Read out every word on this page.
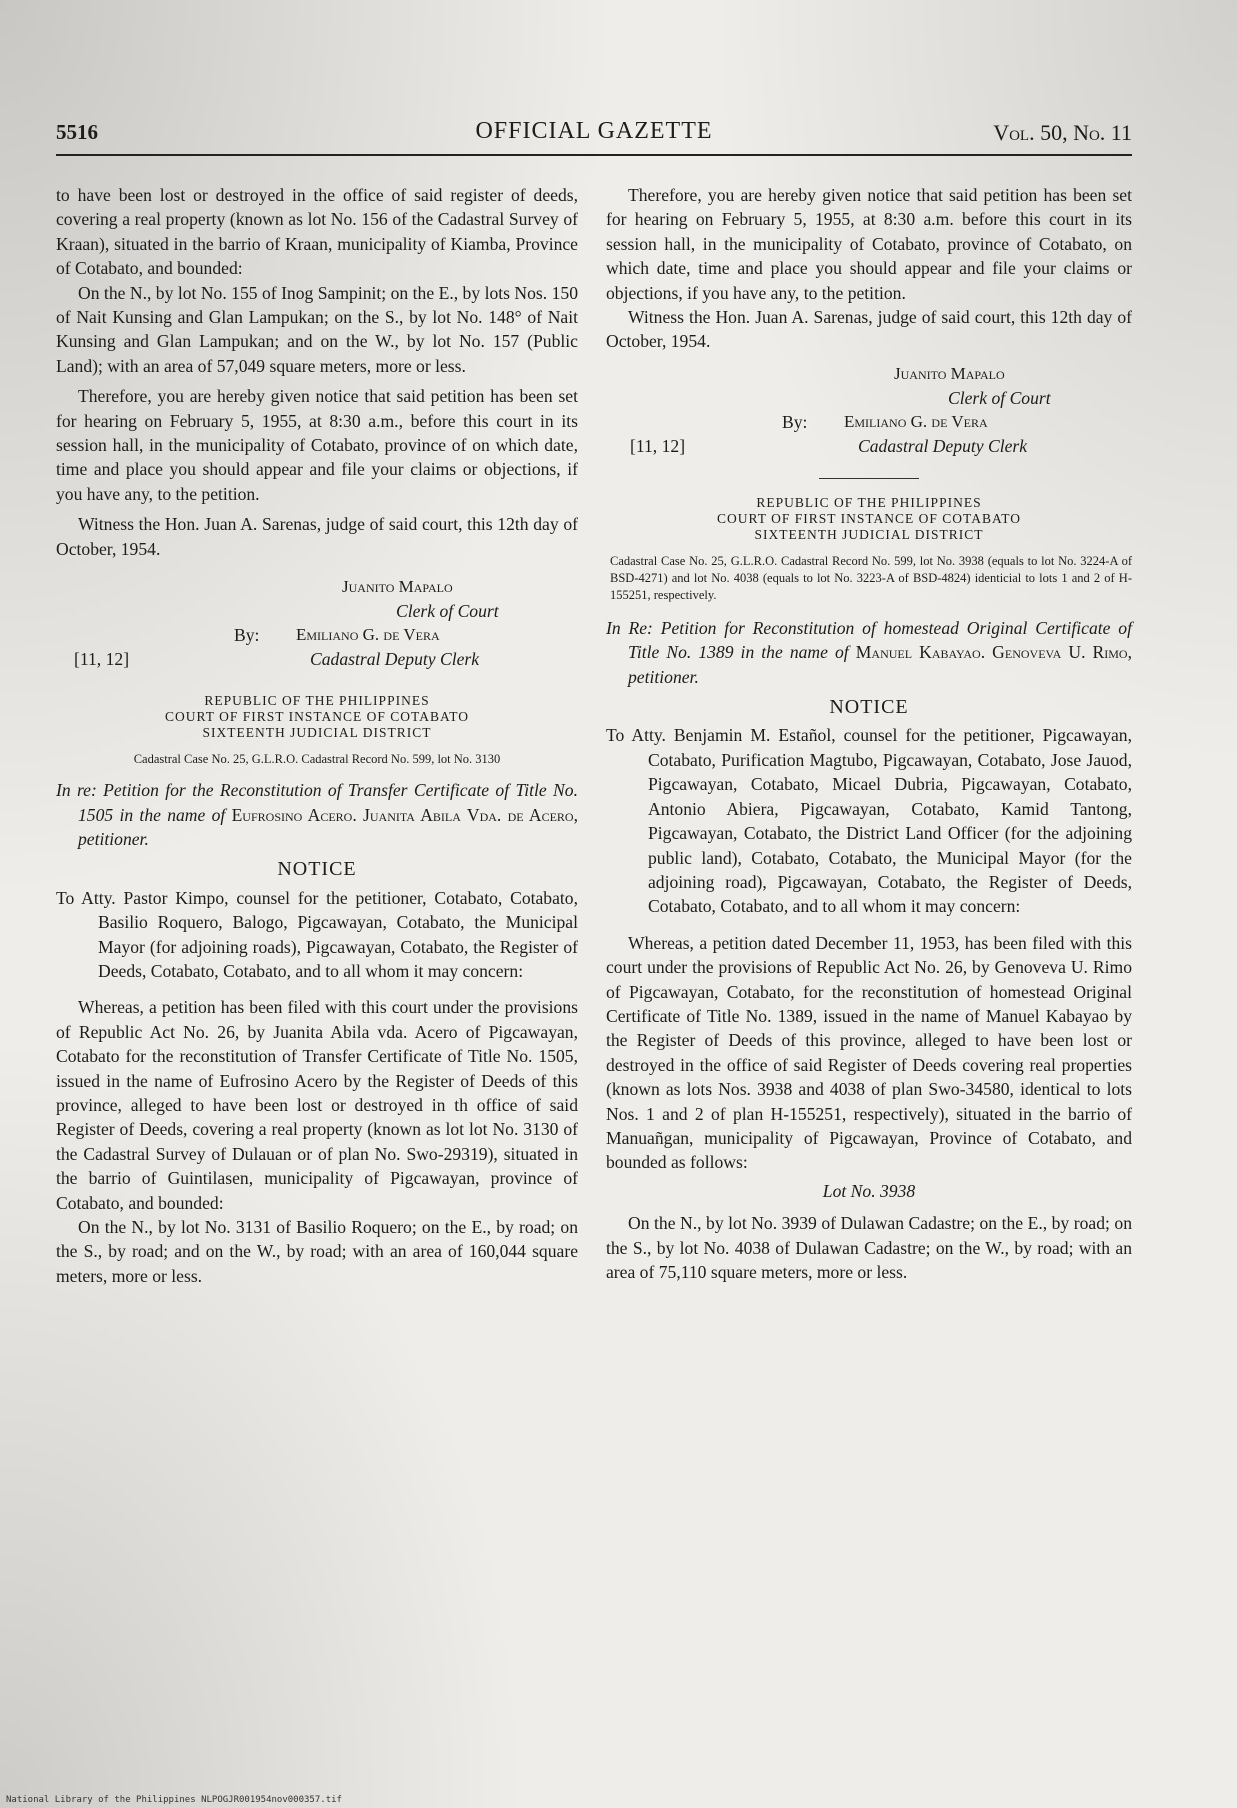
5516	OFFICIAL GAZETTE	Vol. 50, No. 11

to have been lost or destroyed in the office of said register of deeds, covering a real property (known as lot No. 156 of the Cadastral Survey of Kraan), situated in the barrio of Kraan, municipality of Kiamba, Province of Cotabato, and bounded:

On the N., by lot No. 155 of Inog Sampinit; on the E., by lots Nos. 150 of Nait Kunsing and Glan Lampukan; on the S., by lot No. 148° of Nait Kunsing and Glan Lampukan; and on the W., by lot No. 157 (Public Land); with an area of 57,049 square meters, more or less.

Therefore, you are hereby given notice that said petition has been set for hearing on February 5, 1955, at 8:30 a.m., before this court in its session hall, in the municipality of Cotabato, province of on which date, time and place you should appear and file your claims or objections, if you have any, to the petition.

Witness the Hon. Juan A. Sarenas, judge of said court, this 12th day of October, 1954.

Juanito Mapalo
Clerk of Court
By: Emiliano G. de Vera
[11, 12]	Cadastral Deputy Clerk
REPUBLIC OF THE PHILIPPINES
COURT OF FIRST INSTANCE OF COTABATO
SIXTEENTH JUDICIAL DISTRICT
Cadastral Case No. 25, G.L.R.O. Cadastral Record No. 599, lot No. 3130

In re: Petition for the Reconstitution of Transfer Certificate of Title No. 1505 in the name of Eufrosino Acero. Juanita Abila Vda. de Acero, petitioner.

NOTICE

To Atty. Pastor Kimpo, counsel for the petitioner, Cotabato, Cotabato, Basilio Roquero, Balogo, Pigcawayan, Cotabato, the Municipal Mayor (for adjoining roads), Pigcawayan, Cotabato, the Register of Deeds, Cotabato, Cotabato, and to all whom it may concern:

Whereas, a petition has been filed with this court under the provisions of Republic Act No. 26, by Juanita Abila vda. Acero of Pigcawayan, Cotabato for the reconstitution of Transfer Certificate of Title No. 1505, issued in the name of Eufrosino Acero by the Register of Deeds of this province, alleged to have been lost or destroyed in th office of said Register of Deeds, covering a real property (known as lot lot No. 3130 of the Cadastral Survey of Dulauan or of plan No. Swo-29319), situated in the barrio of Guintilasen, municipality of Pigcawayan, province of Cotabato, and bounded:

On the N., by lot No. 3131 of Basilio Roquero; on the E., by road; on the S., by road; and on the W., by road; with an area of 160,044 square meters, more or less.

Therefore, you are hereby given notice that said petition has been set for hearing on February 5, 1955, at 8:30 a.m. before this court in its session hall, in the municipality of Cotabato, province of Cotabato, on which date, time and place you should appear and file your claims or objections, if you have any, to the petition.

Witness the Hon. Juan A. Sarenas, judge of said court, this 12th day of October, 1954.

Juanito Mapalo
Clerk of Court
By: Emiliano G. de Vera
[11, 12]	Cadastral Deputy Clerk
REPUBLIC OF THE PHILIPPINES
COURT OF FIRST INSTANCE OF COTABATO
SIXTEENTH JUDICIAL DISTRICT
Cadastral Case No. 25, G.L.R.O. Cadastral Record No. 599, lot No. 3938 (equals to lot No. 3224-A of BSD-4271) and lot No. 4038 (equals to lot No. 3223-A of BSD-4824) identicial to lots 1 and 2 of H-155251, respectively.

In Re: Petition for Reconstitution of homestead Original Certificate of Title No. 1389 in the name of Manuel Kabayao. Genoveva U. Rimo, petitioner.

NOTICE

To Atty. Benjamin M. Estañol, counsel for the petitioner, Pigcawayan, Cotabato, Purification Magtubo, Pigcawayan, Cotabato, Jose Jauod, Pigcawayan, Cotabato, Micael Dubria, Pigcawayan, Cotabato, Antonio Abiera, Pigcawayan, Cotabato, Kamid Tantong, Pigcawayan, Cotabato, the District Land Officer (for the adjoining public land), Cotabato, Cotabato, the Municipal Mayor (for the adjoining road), Pigcawayan, Cotabato, the Register of Deeds, Cotabato, Cotabato, and to all whom it may concern:

Whereas, a petition dated December 11, 1953, has been filed with this court under the provisions of Republic Act No. 26, by Genoveva U. Rimo of Pigcawayan, Cotabato, for the reconstitution of homestead Original Certificate of Title No. 1389, issued in the name of Manuel Kabayao by the Register of Deeds of this province, alleged to have been lost or destroyed in the office of said Register of Deeds covering real properties (known as lots Nos. 3938 and 4038 of plan Swo-34580, identical to lots Nos. 1 and 2 of plan H-155251, respectively), situated in the barrio of Manuañgan, municipality of Pigcawayan, Province of Cotabato, and bounded as follows:

Lot No. 3938

On the N., by lot No. 3939 of Dulawan Cadastre; on the E., by road; on the S., by lot No. 4038 of Dulawan Cadastre; on the W., by road; with an area of 75,110 square meters, more or less.

National Library of the Philippines NLPOGJR001954nov000357.tif
